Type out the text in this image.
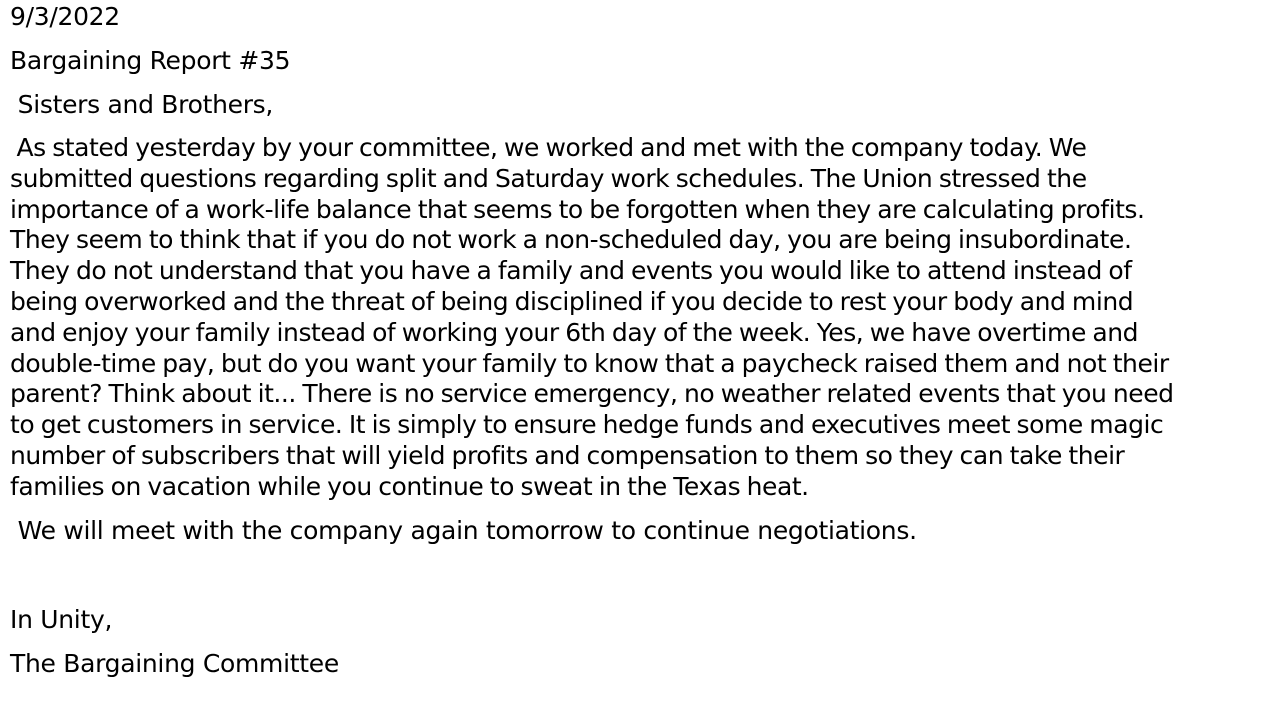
9/3/2022
Bargaining Report #35
Sisters and Brothers,
As stated yesterday by your committee, we worked and met with the company today. We
submitted questions regarding split and Saturday work schedules. The Union stressed the
importance of a work-life balance that seems to be forgotten when they are calculating profits.
They seem to think that if you do not work a non-scheduled day, you are being insubordinate.
They do not understand that you have a family and events you would like to attend instead of
being overworked and the threat of being disciplined if you decide to rest your body and mind
and enjoy your family instead of working your 6th day of the week. Yes, we have overtime and
double-time pay, but do you want your family to know that a paycheck raised them and not their
parent? Think about it... There is no service emergency, no weather related events that you need
to get customers in service. It is simply to ensure hedge funds and executives meet some magic
number of subscribers that will yield profits and compensation to them so they can take their
families on vacation while you continue to sweat in the Texas heat.
We will meet with the company again tomorrow to continue negotiations.
In Unity,
The Bargaining Committee
